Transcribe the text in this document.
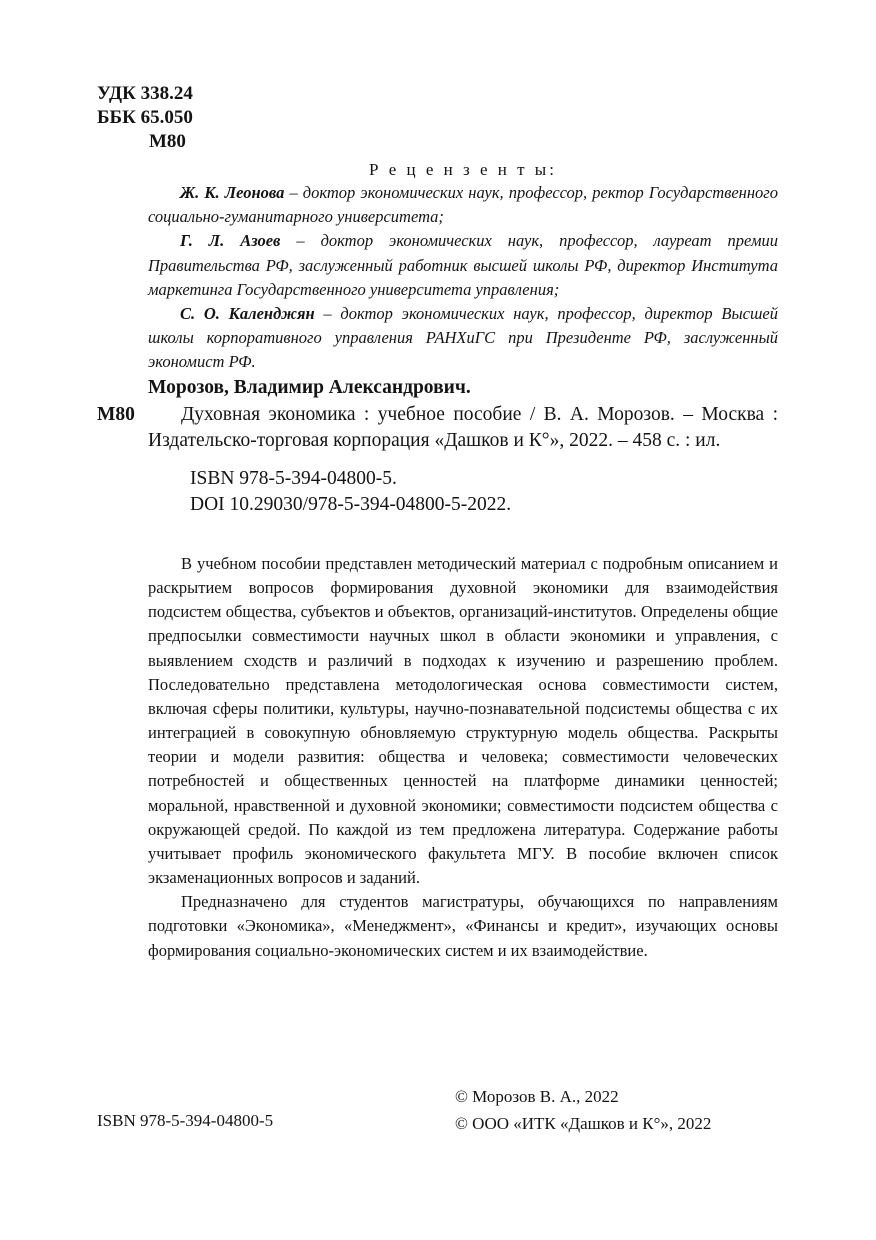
УДК 338.24
ББК 65.050
М80
Р е ц е н з е н т ы:

Ж. К. Леонова – доктор экономических наук, профессор, ректор Государственного социально-гуманитарного университета;

Г. Л. Азоев – доктор экономических наук, профессор, лауреат премии Правительства РФ, заслуженный работник высшей школы РФ, директор Института маркетинга Государственного университета управления;

С. О. Календжян – доктор экономических наук, профессор, директор Высшей школы корпоративного управления РАНХиГС при Президенте РФ, заслуженный экономист РФ.

Морозов, Владимир Александрович.

М80 Духовная экономика : учебное пособие / В. А. Морозов. – Москва : Издательско-торговая корпорация «Дашков и К°», 2022. – 458 с. : ил.

ISBN 978-5-394-04800-5.
DOI 10.29030/978-5-394-04800-5-2022.

В учебном пособии представлен методический материал с подробным описанием и раскрытием вопросов формирования духовной экономики для взаимодействия подсистем общества, субъектов и объектов, организаций-институтов. Определены общие предпосылки совместимости научных школ в области экономики и управления, с выявлением сходств и различий в подходах к изучению и разрешению проблем. Последовательно представлена методологическая основа совместимости систем, включая сферы политики, культуры, научно-познавательной подсистемы общества с их интеграцией в совокупную обновляемую структурную модель общества. Раскрыты теории и модели развития: общества и человека; совместимости человеческих потребностей и общественных ценностей на платформе динамики ценностей; моральной, нравственной и духовной экономики; совместимости подсистем общества с окружающей средой. По каждой из тем предложена литература. Содержание работы учитывает профиль экономического факультета МГУ. В пособие включен список экзаменационных вопросов и заданий.

Предназначено для студентов магистратуры, обучающихся по направлениям подготовки «Экономика», «Менеджмент», «Финансы и кредит», изучающих основы формирования социально-экономических систем и их взаимодействие.

ISBN 978-5-394-04800-5
© Морозов В. А., 2022
© ООО «ИТК «Дашков и К°», 2022
